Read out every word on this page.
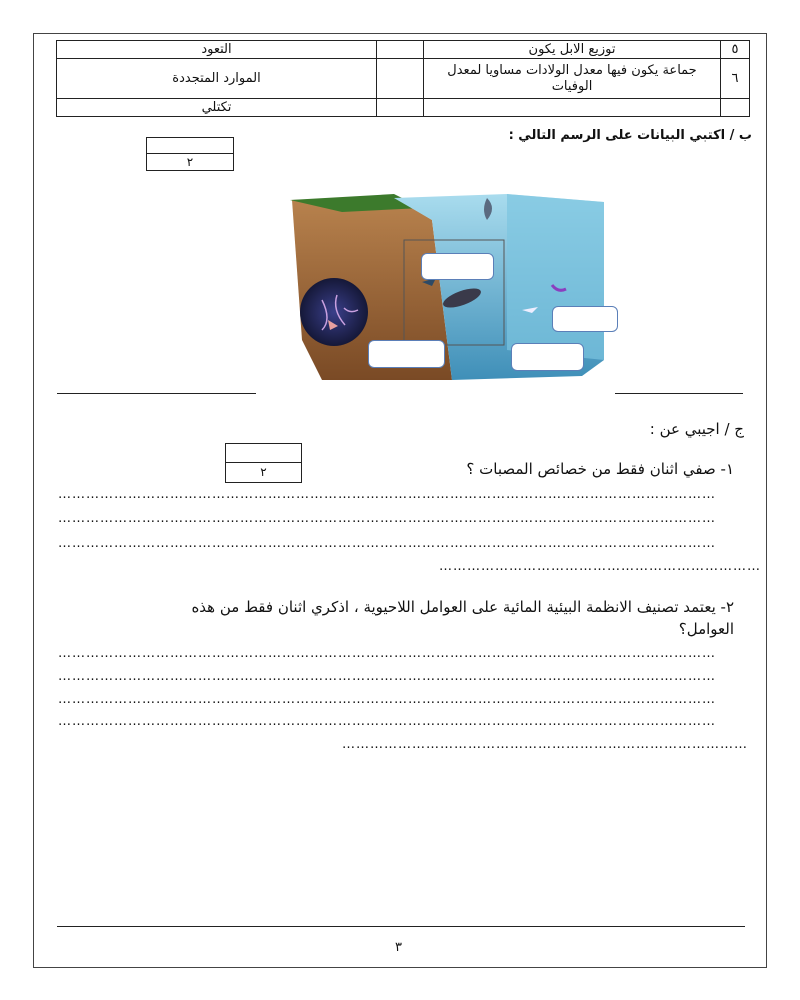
٥	توزيع الابل يكون		التعود
٦	جماعة يكون فيها معدل الولادات مساويا لمعدل الوفيات		الموارد المتجددة
			تكتلي
ب / اكتبي البيانات على الرسم التالي :
٢
ج / اجيبي عن :
٢	١- صفي اثنان فقط من خصائص المصبات ؟
……………………………………………………………………………………………………………………………
……………………………………………………………………………………………………………………………
……………………………………………………………………………………………………………………………
……………………………………………………………
٢- يعتمد تصنيف الانظمة البيئية المائية على العوامل اللاحيوية ، اذكري اثنان فقط من هذه
العوامل؟
……………………………………………………………………………………………………………………………
……………………………………………………………………………………………………………………………
……………………………………………………………………………………………………………………………
……………………………………………………………………………………………………………………………
……………………………………………………………………………
٣
